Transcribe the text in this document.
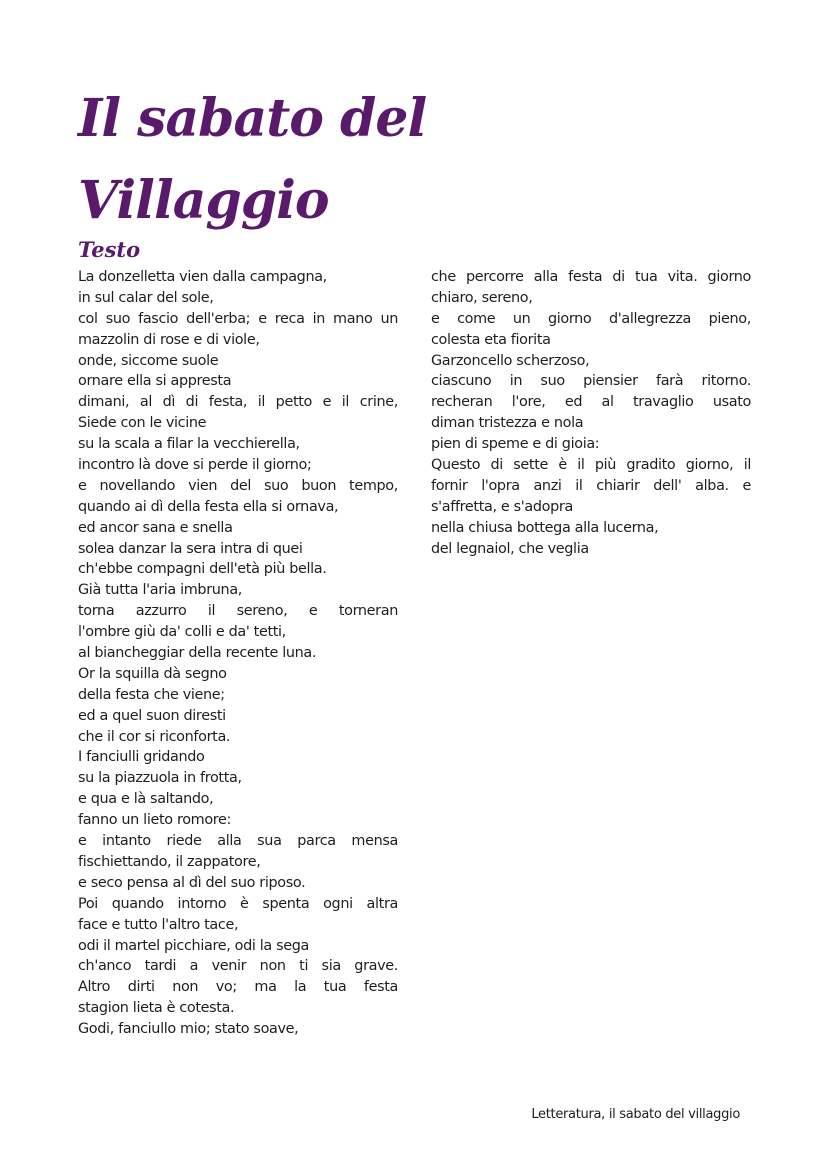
Il sabato del Villaggio
Testo
La donzelletta vien dalla campagna,
in sul calar del sole,
col suo fascio dell'erba; e reca in mano un
mazzolin di rose e di viole,
onde, siccome suole
ornare ella si appresta
dimani, al dì di festa, il petto e il crine,
Siede con le vicine
su la scala a filar la vecchierella,
incontro là dove si perde il giorno;
e novellando vien del suo buon tempo,
quando ai dì della festa ella si ornava,
ed ancor sana e snella
solea danzar la sera intra di quei
ch'ebbe compagni dell'età più bella.
Già tutta l'aria imbruna,
torna azzurro il sereno, e torneran
l'ombre giù da' colli e da' tetti,
al biancheggiar della recente luna.
Or la squilla dà segno
della festa che viene;
ed a quel suon diresti
che il cor si riconforta.
I fanciulli gridando
su la piazzuola in frotta,
e qua e là saltando,
fanno un lieto romore:
e intanto riede alla sua parca mensa
fischiettando, il zappatore,
e seco pensa al dì del suo riposo.
Poi quando intorno è spenta ogni altra
face e tutto l'altro tace,
odi il martel picchiare, odi la sega
ch'anco tardi a venir non ti sia grave.
Altro dirti non vo; ma la tua festa
stagion lieta è cotesta.
Godi, fanciullo mio; stato soave,
che percorre alla festa di tua vita. giorno
chiaro, sereno,
e come un giorno d'allegrezza pieno,
colesta eta fiorita
Garzoncello scherzoso,
ciascuno in suo piensier farà ritorno.
recheran l'ore, ed al travaglio usato
diman tristezza e nola
pien di speme e di gioia:
Questo di sette è il più gradito giorno, il
fornir l'opra anzi il chiarir dell' alba. e
s'affretta, e s'adopra
nella chiusa bottega alla lucerna,
del legnaiol, che veglia
Letteratura, il sabato del villaggio
